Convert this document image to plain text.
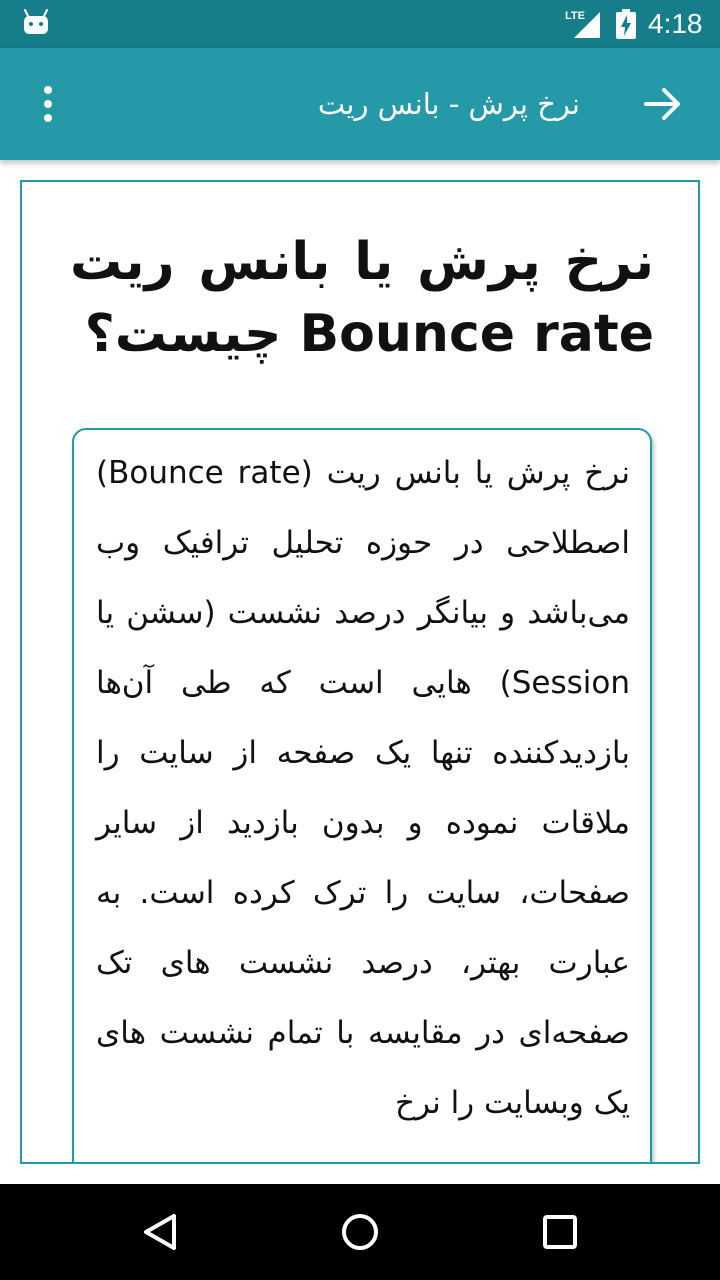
LTE 4:18
نرخ پرش - بانس ریت
نرخ پرش یا بانس ریت Bounce rate چیست؟

نرخ پرش یا بانس ریت (Bounce rate) اصطلاحی در حوزه تحلیل ترافیک وب می‌باشد و بیانگر درصد نشست (سشن یا Session) هایی است که طی آن‌ها بازدیدکننده تنها یک صفحه از سایت را ملاقات نموده و بدون بازدید از سایر صفحات، سایت را ترک کرده است. به عبارت بهتر، درصد نشست های تک صفحه‌ای در مقایسه با تمام نشست های یک وبسایت را نرخ
